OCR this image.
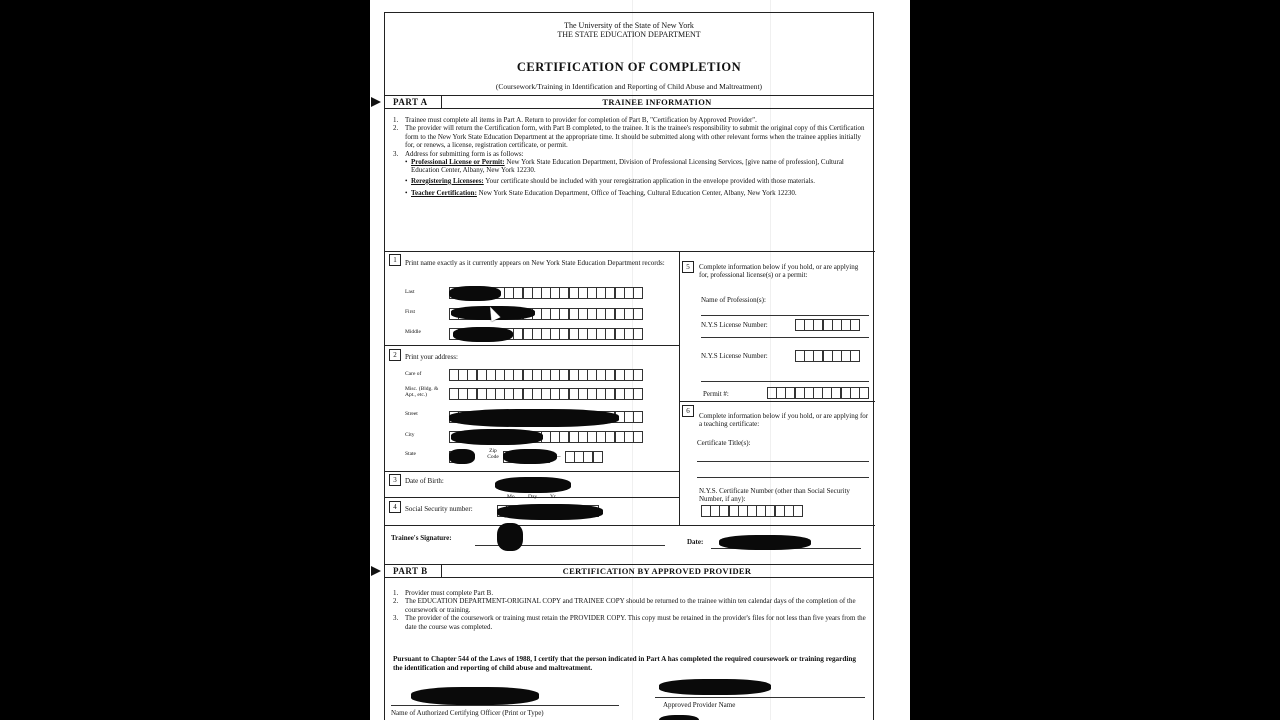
The University of the State of New York
THE STATE EDUCATION DEPARTMENT
CERTIFICATION OF COMPLETION
(Coursework/Training in Identification and Reporting of Child Abuse and Maltreatment)
PART A	TRAINEE INFORMATION
1. Trainee must complete all items in Part A. Return to provider for completion of Part B, "Certification by Approved Provider".
2. The provider will return the Certification form, with Part B completed, to the trainee. It is the trainee's responsibility to submit the original copy of this Certification form to the New York State Education Department at the appropriate time. It should be submitted along with other relevant forms when the trainee applies initially for, or renews, a license, registration certificate, or permit.
3. Address for submitting form is as follows:
• Professional License or Permit: New York State Education Department, Division of Professional Licensing Services, [give name of profession], Cultural Education Center, Albany, New York 12230.
• Reregistering Licensees: Your certificate should be included with your reregistration application in the envelope provided with those materials.
• Teacher Certification: New York State Education Department, Office of Teaching, Cultural Education Center, Albany, New York 12230.
1	Print name exactly as it currently appears on New York State Education Department records:
Last
First
Middle
2	Print your address:
Care of
Misc. (Bldg. & Apt., etc.)
Street
City
State	Zip Code	–
3	Date of Birth:
Mo. Day Yr.
4	Social Security number:
5	Complete information below if you hold, or are applying for, professional license(s) or a permit:
Name of Profession(s):
N.Y.S License Number:
N.Y.S License Number:
Permit #:
6
Complete information below if you hold, or are applying for a teaching certificate:
Certificate Title(s):
N.Y.S. Certificate Number (other than Social Security Number, if any):
Trainee's Signature:	Date:
PART B	CERTIFICATION BY APPROVED PROVIDER
1. Provider must complete Part B.
2. The EDUCATION DEPARTMENT-ORIGINAL COPY and TRAINEE COPY should be returned to the trainee within ten calendar days of the completion of the coursework or training.
3. The provider of the coursework or training must retain the PROVIDER COPY. This copy must be retained in the provider's files for not less than five years from the date the course was completed.
Pursuant to Chapter 544 of the Laws of 1988, I certify that the person indicated in Part A has completed the required coursework or training regarding the identification and reporting of child abuse and maltreatment.
Name of Authorized Certifying Officer (Print or Type)
Approved Provider Name
